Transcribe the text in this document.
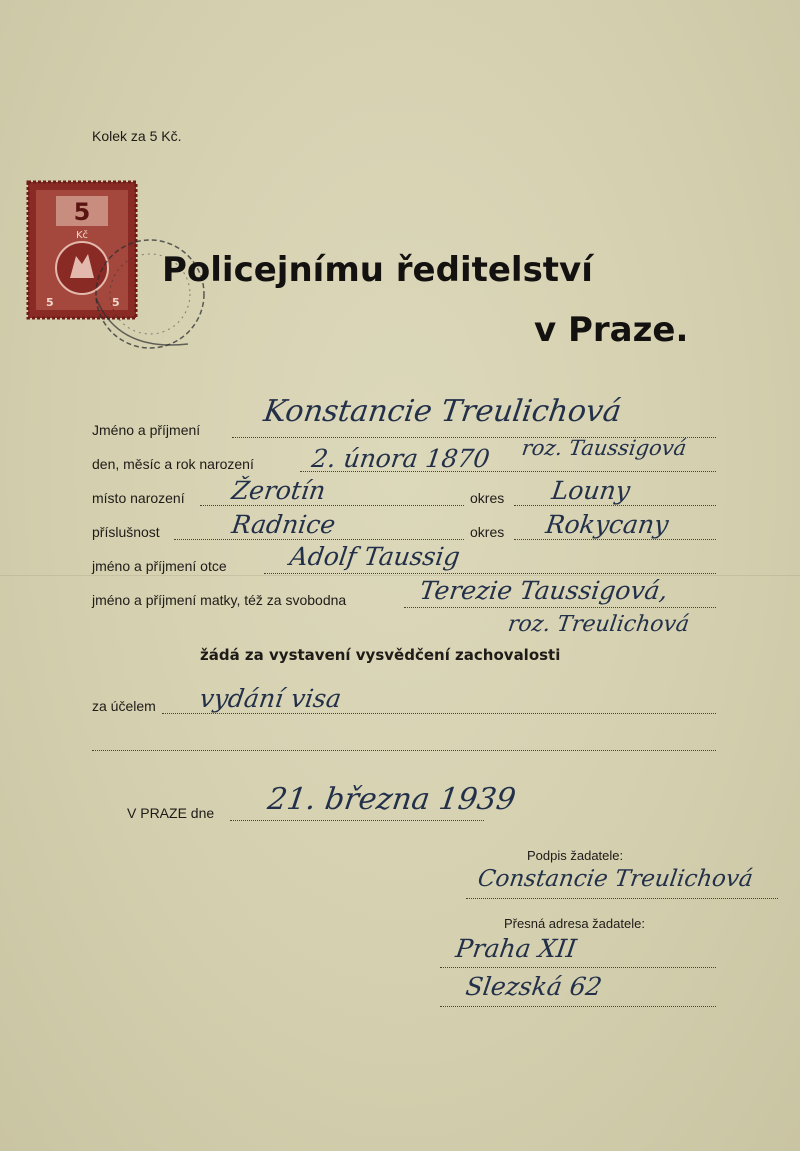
Kolek za 5 Kč.
5
Kč
5	5
Policejnímu ředitelství
v Praze.
Jméno a příjmení
Konstancie Treulichová
den, měsíc a rok narození 2. února 1870 roz. Taussigová
místo narození Žerotín	okres Louny
příslušnost	Radnice	okres Rokycany
jméno a příjmení otce Adolf Taussig
jméno a příjmení matky, též za svobodna	Terezie Taussigová,
roz. Treulichová
žádá za vystavení vysvědčení zachovalosti
za účelem vydání visa
V PRAZE dne 21. března 1939
Podpis žadatele:
Constancie Treulichová
Přesná adresa žadatele:
Praha XII
Slezská 62
